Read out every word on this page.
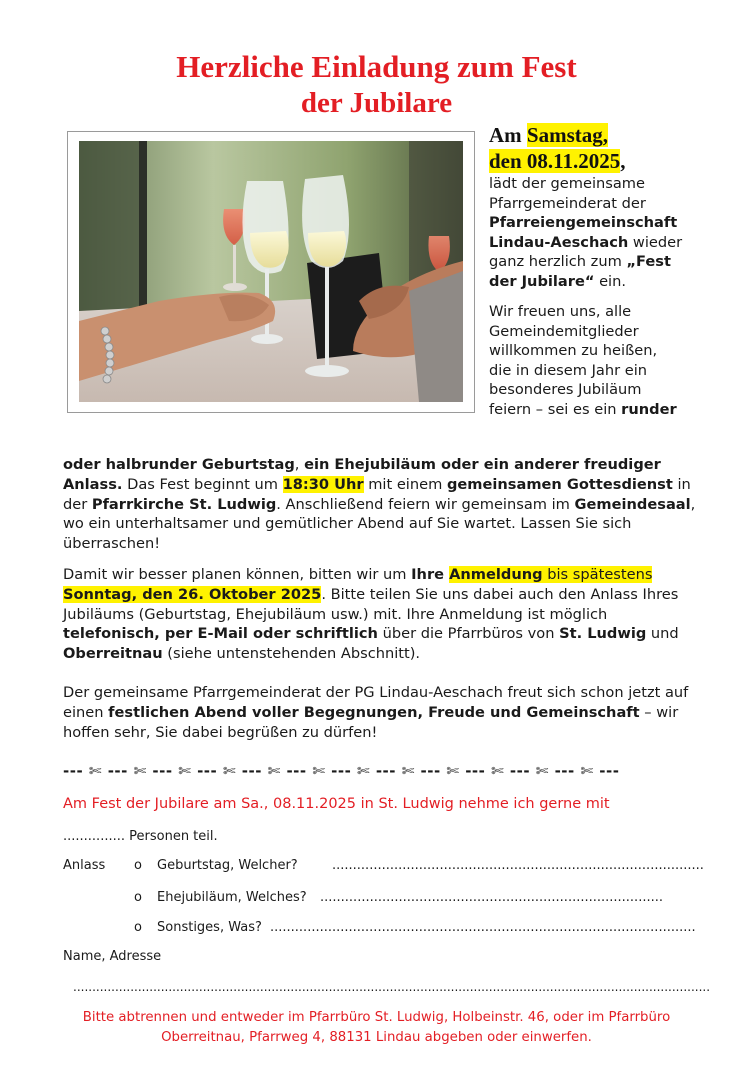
Herzliche Einladung zum Fest
der Jubilare
Am Samstag,
den 08.11.2025,
lädt der gemeinsame
Pfarrgemeinderat der
Pfarreiengemeinschaft
Lindau-Aeschach wieder
ganz herzlich zum „Fest
der Jubilare“ ein.
Wir freuen uns, alle
Gemeindemitglieder
willkommen zu heißen,
die in diesem Jahr ein
besonderes Jubiläum
feiern – sei es ein runder
oder halbrunder Geburtstag, ein Ehejubiläum oder ein anderer freudiger Anlass. Das Fest beginnt um 18:30 Uhr mit einem gemeinsamen Gottesdienst in der Pfarrkirche St. Ludwig. Anschließend feiern wir gemeinsam im Gemeindesaal, wo ein unterhaltsamer und gemütlicher Abend auf Sie wartet. Lassen Sie sich überraschen!
Damit wir besser planen können, bitten wir um Ihre Anmeldung bis spätestens
Sonntag, den 26. Oktober 2025. Bitte teilen Sie uns dabei auch den Anlass Ihres Jubiläums (Geburtstag, Ehejubiläum usw.) mit. Ihre Anmeldung ist möglich telefonisch, per E-Mail oder schriftlich über die Pfarrbüros von St. Ludwig und Oberreitnau (siehe untenstehenden Abschnitt).
Der gemeinsame Pfarrgemeinderat der PG Lindau-Aeschach freut sich schon jetzt auf einen festlichen Abend voller Begegnungen, Freude und Gemeinschaft – wir hoffen sehr, Sie dabei begrüßen zu dürfen!
--- ✄ --- ✄ --- ✄ --- ✄ --- ✄ --- ✄ --- ✄ --- ✄ --- ✄ --- ✄ --- ✄ --- ✄ ---
Am Fest der Jubilare am Sa., 08.11.2025 in St. Ludwig nehme ich gerne mit
............... Personen teil.
Anlass o Geburtstag, Welcher?	..........................................................................................
o Ehejubiläum, Welches? ...................................................................................
o Sonstiges, Was? .......................................................................................................
Name, Adresse
.......................................................................................................................................................................
Bitte abtrennen und entweder im Pfarrbüro St. Ludwig, Holbeinstr. 46, oder im Pfarrbüro
Oberreitnau, Pfarrweg 4, 88131 Lindau abgeben oder einwerfen.
